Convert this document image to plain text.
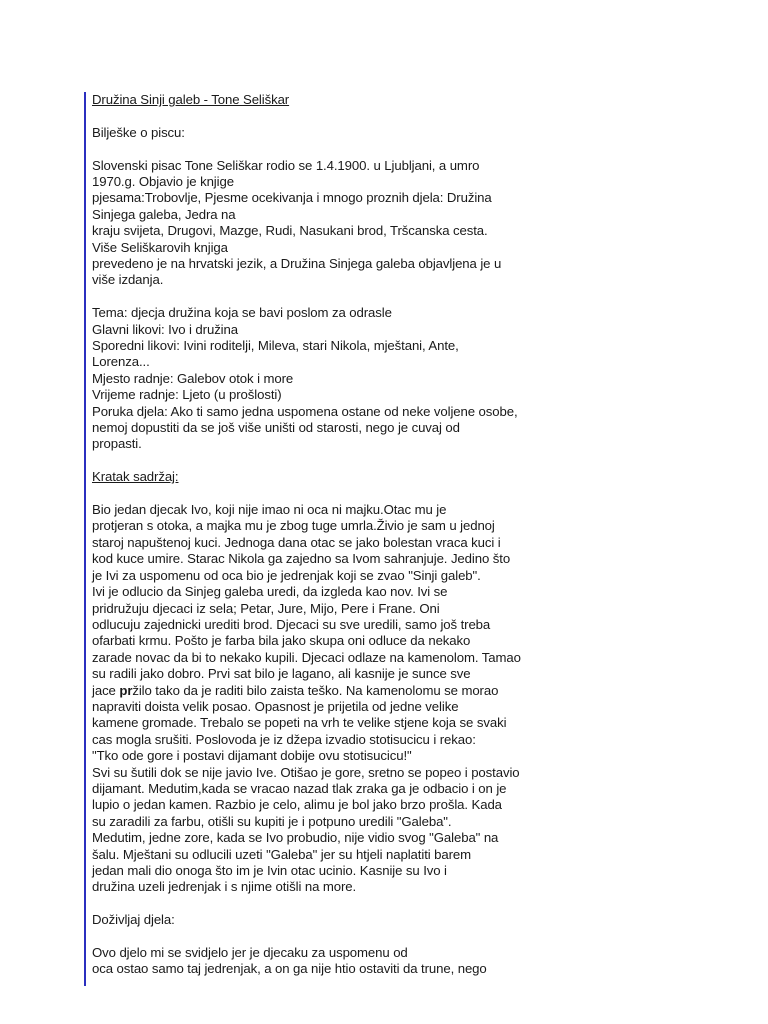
Družina Sinji galeb - Tone Seliškar
Bilješke o piscu:
Slovenski pisac Tone Seliškar rodio se 1.4.1900. u Ljubljani, a umro
1970.g. Objavio je knjige
pjesama:Trobovlje, Pjesme ocekivanja i mnogo proznih djela: Družina
Sinjega galeba, Jedra na
kraju svijeta, Drugovi, Mazge, Rudi, Nasukani brod, Tršcanska cesta.
Više Seliškarovih knjiga
prevedeno je na hrvatski jezik, a Družina Sinjega galeba objavljena je u
više izdanja.
Tema: djecja družina koja se bavi poslom za odrasle
Glavni likovi: Ivo i družina
Sporedni likovi: Ivini roditelji, Mileva, stari Nikola, mještani, Ante,
Lorenza...
Mjesto radnje: Galebov otok i more
Vrijeme radnje: Ljeto (u prošlosti)
Poruka djela: Ako ti samo jedna uspomena ostane od neke voljene osobe,
nemoj dopustiti da se još više uništi od starosti, nego je cuvaj od
propasti.
Kratak sadržaj:
Bio jedan djecak Ivo, koji nije imao ni oca ni majku.Otac mu je
protjeran s otoka, a majka mu je zbog tuge umrla.Živio je sam u jednoj
staroj napuštenoj kuci. Jednoga dana otac se jako bolestan vraca kuci i
kod kuce umire. Starac Nikola ga zajedno sa Ivom sahranjuje. Jedino što
je Ivi za uspomenu od oca bio je jedrenjak koji se zvao "Sinji galeb".
Ivi je odlucio da Sinjeg galeba uredi, da izgleda kao nov. Ivi se
pridružuju djecaci iz sela; Petar, Jure, Mijo, Pere i Frane. Oni
odlucuju zajednicki urediti brod. Djecaci su sve uredili, samo još treba
ofarbati krmu. Pošto je farba bila jako skupa oni odluce da nekako
zarade novac da bi to nekako kupili. Djecaci odlaze na kamenolom. Tamao
su radili jako dobro. Prvi sat bilo je lagano, ali kasnije je sunce sve
jace pržilo tako da je raditi bilo zaista teško. Na kamenolomu se morao
napraviti doista velik posao. Opasnost je prijetila od jedne velike
kamene gromade. Trebalo se popeti na vrh te velike stjene koja se svaki
cas mogla srušiti. Poslovoda je iz džepa izvadio stotisucicu i rekao:
"Tko ode gore i postavi dijamant dobije ovu stotisucicu!"
Svi su šutili dok se nije javio Ive. Otišao je gore, sretno se popeo i postavio
dijamant. Medutim,kada se vracao nazad tlak zraka ga je odbacio i on je
lupio o jedan kamen. Razbio je celo, alimu je bol jako brzo prošla. Kada
su zaradili za farbu, otišli su kupiti je i potpuno uredili "Galeba".
Medutim, jedne zore, kada se Ivo probudio, nije vidio svog "Galeba" na
šalu. Mještani su odlucili uzeti "Galeba" jer su htjeli naplatiti barem
jedan mali dio onoga što im je Ivin otac ucinio. Kasnije su Ivo i
družina uzeli jedrenjak i s njime otišli na more.
Doživljaj djela:
Ovo djelo mi se svidjelo jer je djecaku za uspomenu od
oca ostao samo taj jedrenjak, a on ga nije htio ostaviti da trune, nego
